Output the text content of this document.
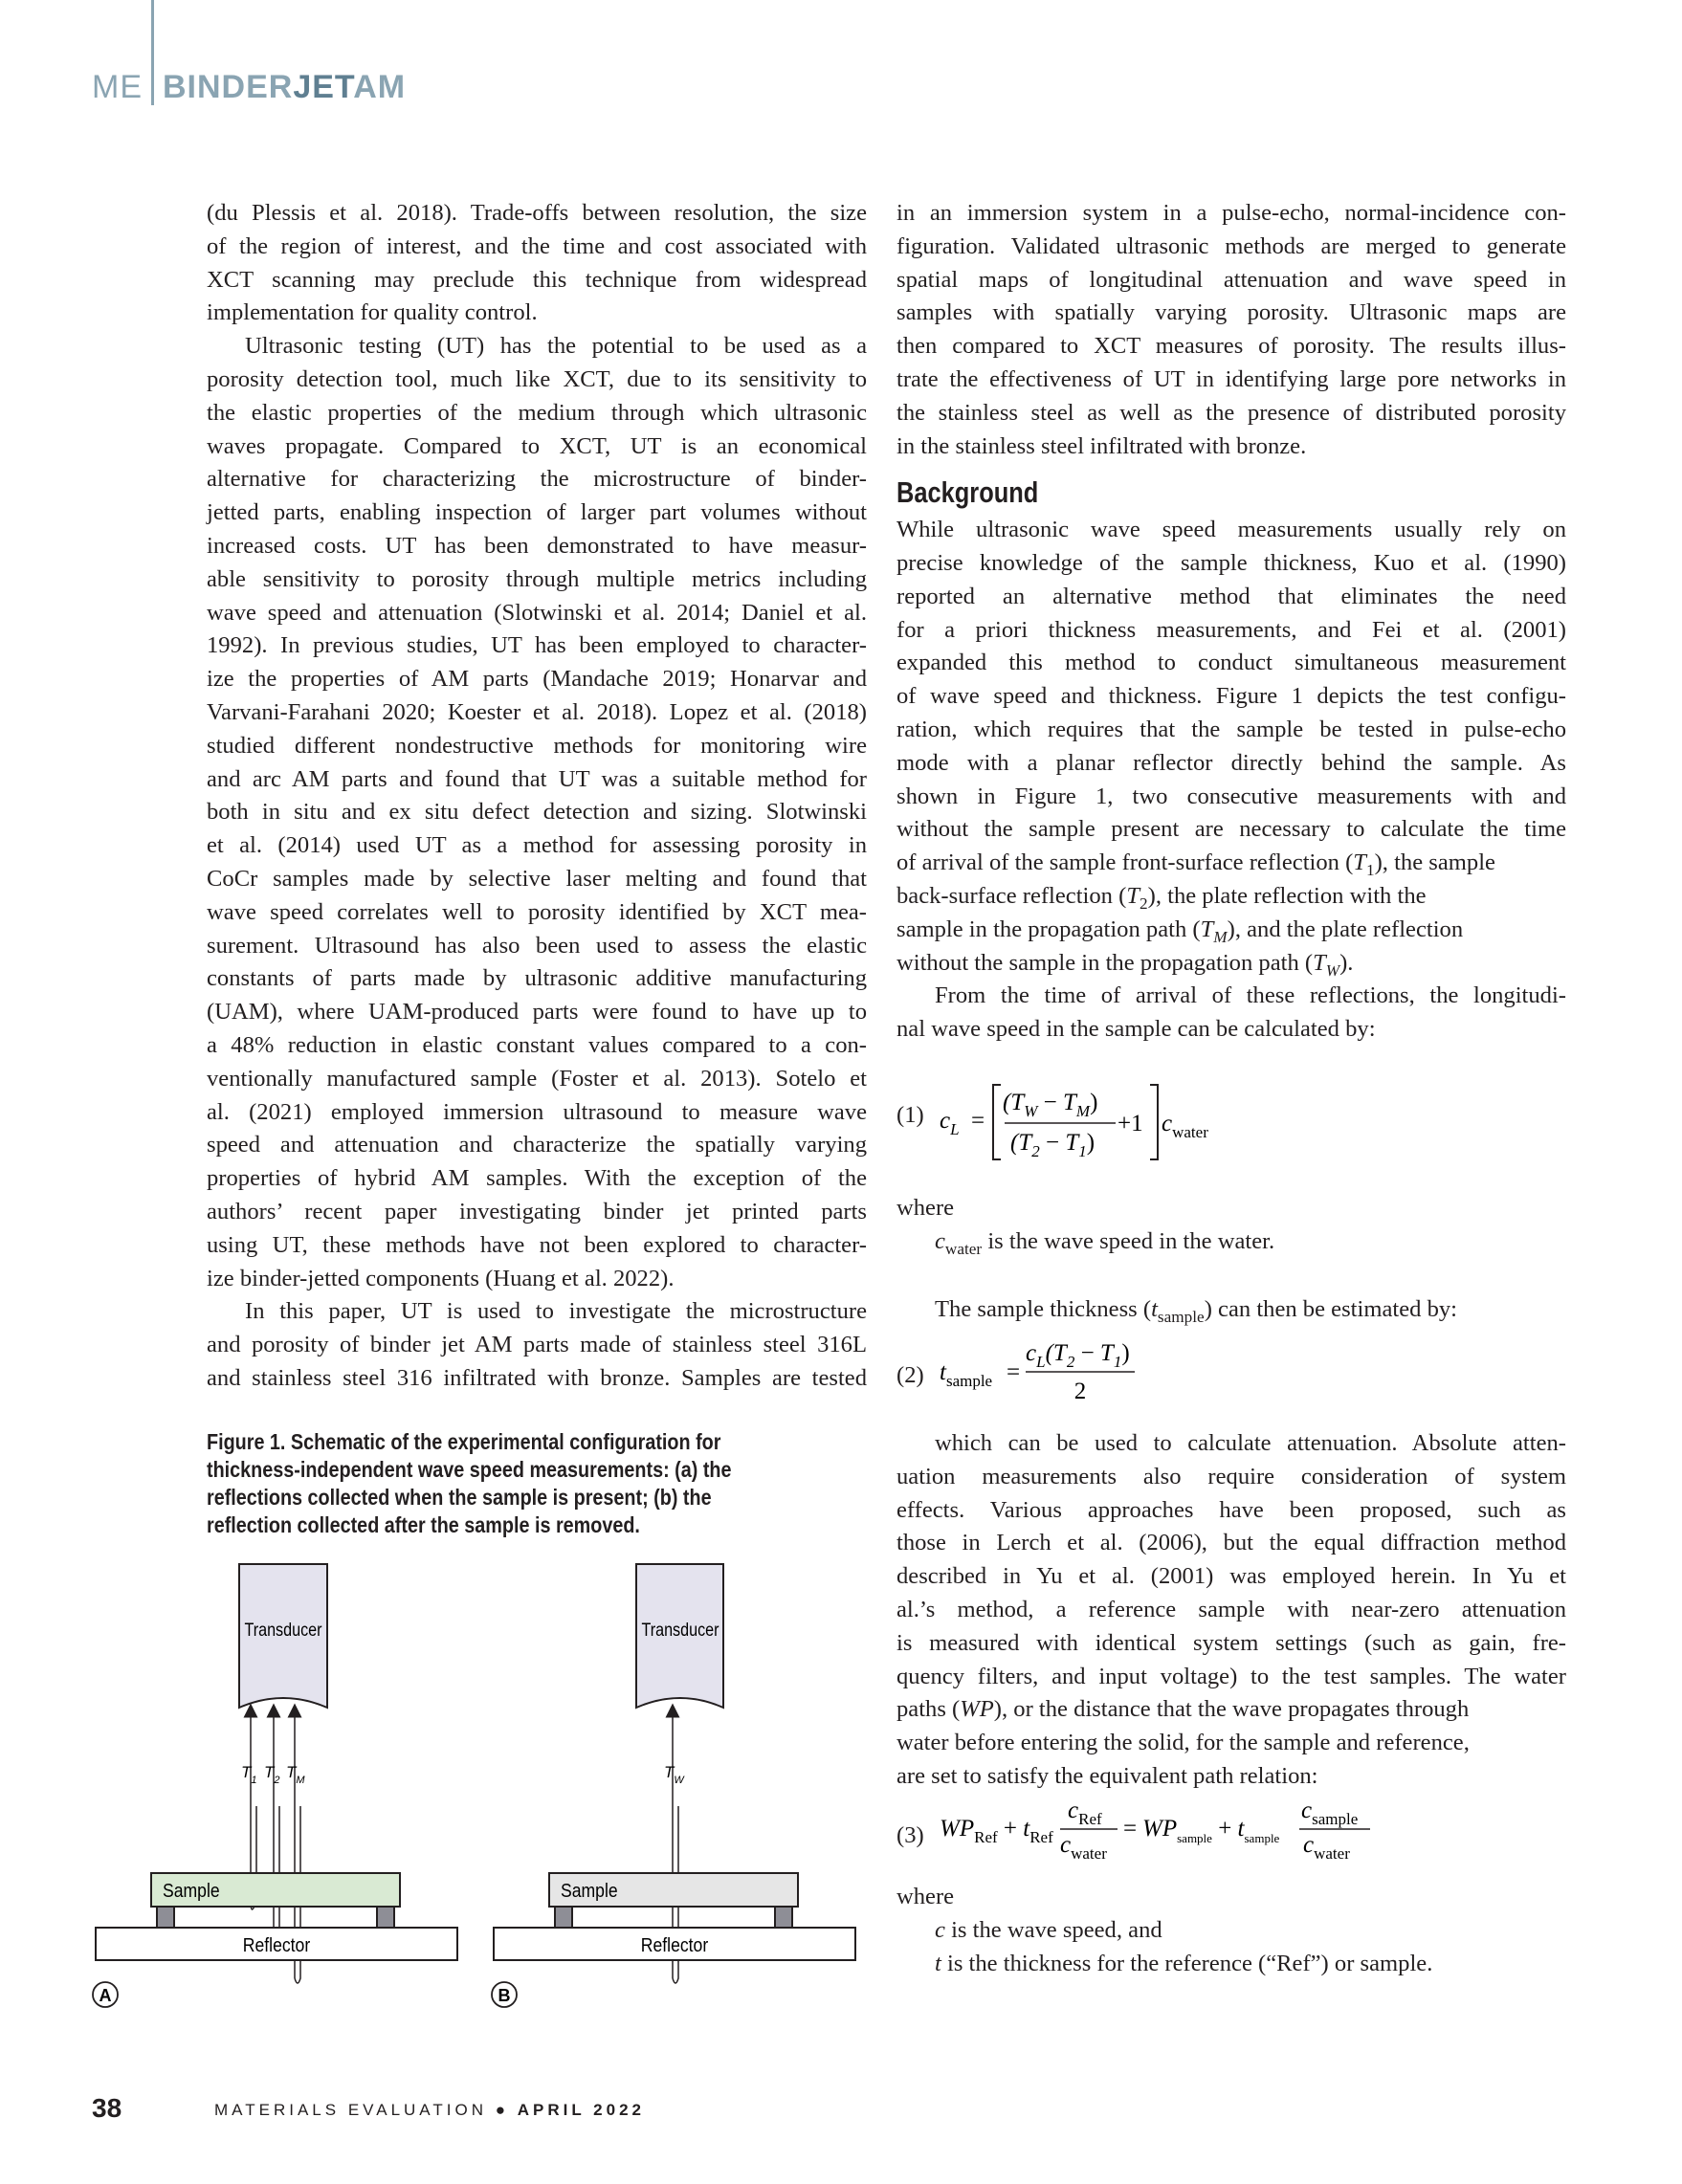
ME BINDERJETAM
(du Plessis et al. 2018). Trade-offs between resolution, the size
of the region of interest, and the time and cost associated with
XCT scanning may preclude this technique from widespread
implementation for quality control.
Ultrasonic testing (UT) has the potential to be used as a
porosity detection tool, much like XCT, due to its sensitivity to
the elastic properties of the medium through which ultrasonic
waves propagate. Compared to XCT, UT is an economical
alternative for characterizing the microstructure of binder-
jetted parts, enabling inspection of larger part volumes without
increased costs. UT has been demonstrated to have measur-
able sensitivity to porosity through multiple metrics including
wave speed and attenuation (Slotwinski et al. 2014; Daniel et al.
1992). In previous studies, UT has been employed to character-
ize the properties of AM parts (Mandache 2019; Honarvar and
Varvani-Farahani 2020; Koester et al. 2018). Lopez et al. (2018)
studied different nondestructive methods for monitoring wire
and arc AM parts and found that UT was a suitable method for
both in situ and ex situ defect detection and sizing. Slotwinski
et al. (2014) used UT as a method for assessing porosity in
CoCr samples made by selective laser melting and found that
wave speed correlates well to porosity identified by XCT mea-
surement. Ultrasound has also been used to assess the elastic
constants of parts made by ultrasonic additive manufacturing
(UAM), where UAM-produced parts were found to have up to
a 48% reduction in elastic constant values compared to a con-
ventionally manufactured sample (Foster et al. 2013). Sotelo et
al. (2021) employed immersion ultrasound to measure wave
speed and attenuation and characterize the spatially varying
properties of hybrid AM samples. With the exception of the
authors’ recent paper investigating binder jet printed parts
using UT, these methods have not been explored to character-
ize binder-jetted components (Huang et al. 2022).
In this paper, UT is used to investigate the microstructure
and porosity of binder jet AM parts made of stainless steel 316L
and stainless steel 316 infiltrated with bronze. Samples are tested
Figure 1. Schematic of the experimental configuration for thickness-independent wave speed measurements: (a) the reflections collected when the sample is present; (b) the reflection collected after the sample is removed.
Transducer
$T_1$ $T_2$ $T_M$
Sample
Reflector
A
Transducer
$T_W$
Sample
Reflector
B
in an immersion system in a pulse-echo, normal-incidence con-
figuration. Validated ultrasonic methods are merged to generate
spatial maps of longitudinal attenuation and wave speed in
samples with spatially varying porosity. Ultrasonic maps are
then compared to XCT measures of porosity. The results illus-
trate the effectiveness of UT in identifying large pore networks in
the stainless steel as well as the presence of distributed porosity
in the stainless steel infiltrated with bronze.
Background
While ultrasonic wave speed measurements usually rely on
precise knowledge of the sample thickness, Kuo et al. (1990)
reported an alternative method that eliminates the need
for a priori thickness measurements, and Fei et al. (2001)
expanded this method to conduct simultaneous measurement
of wave speed and thickness. Figure 1 depicts the test configu-
ration, which requires that the sample be tested in pulse-echo
mode with a planar reflector directly behind the sample. As
shown in Figure 1, two consecutive measurements with and
without the sample present are necessary to calculate the time
of arrival of the sample front-surface reflection $(T_1)$, the sample
back-surface reflection $(T_2)$, the plate reflection with the
sample in the propagation path $(T_M)$, and the plate reflection
without the sample in the propagation path $(T_W)$.
From the time of arrival of these reflections, the longitudi-
nal wave speed in the sample can be calculated by:
(1) $c_L$ =
$(T_W - T_M)$
$(T_2 - T_1)$
+1 $c_{water}$
where
$c_{water}$ is the wave speed in the water.
The sample thickness $(t_{sample})$ can then be estimated by:
(2) $t_{sample}$ =
$c_L(T_2 - T_1)$
2
which can be used to calculate attenuation. Absolute atten-
uation measurements also require consideration of system
effects. Various approaches have been proposed, such as
those in Lerch et al. (2006), but the equal diffraction method
described in Yu et al. (2001) was employed herein. In Yu et
al.’s method, a reference sample with near-zero attenuation
is measured with identical system settings (such as gain, fre-
quency filters, and input voltage) to the test samples. The water
paths (WP), or the distance that the wave propagates through
water before entering the solid, for the sample and reference,
are set to satisfy the equivalent path relation:
(3) $WP_{Ref} + t_{Ref}$
$c_{Ref}$
$c_{water}$
= $WP_{sample} + t_{sample}$
$c_{sample}$
$c_{water}$
where
c is the wave speed, and
t is the thickness for the reference (“Ref”) or sample.
38	MATERIALS EVALUATION ● APRIL 2022
